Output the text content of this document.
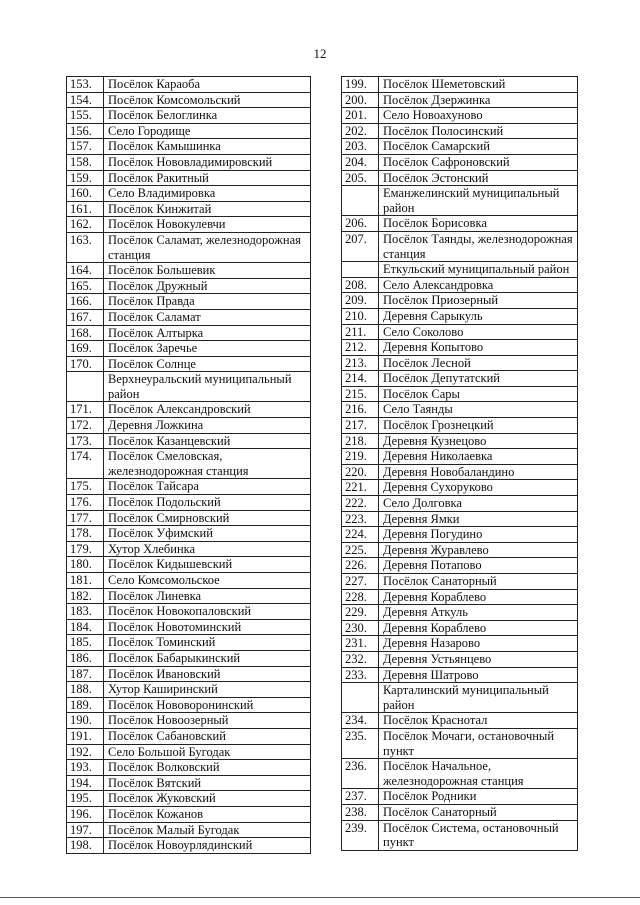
12
153.	Посёлок Караоба
154.	Посёлок Комсомольский
155.	Посёлок Белоглинка
156.	Село Городище
157.	Посёлок Камышинка
158.	Посёлок Нововладимировский
159.	Посёлок Ракитный
160.	Село Владимировка
161.	Посёлок Кинжитай
162.	Посёлок Новокулевчи
163.	Посёлок Саламат, железнодорожная станция
164.	Посёлок Большевик
165.	Посёлок Дружный
166.	Посёлок Правда
167.	Посёлок Саламат
168.	Посёлок Алтырка
169.	Посёлок Заречье
170.	Посёлок Солнце
	Верхнеуральский муниципальный район
171.	Посёлок Александровский
172.	Деревня Ложкина
173.	Посёлок Казанцевский
174.	Посёлок Смеловская, железнодорожная станция
175.	Посёлок Тайсара
176.	Посёлок Подольский
177.	Посёлок Смирновский
178.	Посёлок Уфимский
179.	Хутор Хлебинка
180.	Посёлок Кидышевский
181.	Село Комсомольское
182.	Посёлок Линевка
183.	Посёлок Новокопаловский
184.	Посёлок Новотоминский
185.	Посёлок Томинский
186.	Посёлок Бабарыкинский
187.	Посёлок Ивановский
188.	Хутор Каширинский
189.	Посёлок Нововоронинский
190.	Посёлок Новоозерный
191.	Посёлок Сабановский
192.	Село Большой Бугодак
193.	Посёлок Волковский
194.	Посёлок Вятский
195.	Посёлок Жуковский
196.	Посёлок Кожанов
197.	Посёлок Малый Бугодак
198.	Посёлок Новоурлядинский
199.	Посёлок Шеметовский
200.	Посёлок Дзержинка
201.	Село Новоахуново
202.	Посёлок Полосинский
203.	Посёлок Самарский
204.	Посёлок Сафроновский
205.	Посёлок Эстонский
	Еманжелинский муниципальный район
206.	Посёлок Борисовка
207.	Посёлок Таянды, железнодорожная станция
	Еткульский муниципальный район
208.	Село Александровка
209.	Посёлок Приозерный
210.	Деревня Сарыкуль
211.	Село Соколово
212.	Деревня Копытово
213.	Посёлок Лесной
214.	Посёлок Депутатский
215.	Посёлок Сары
216.	Село Таянды
217.	Посёлок Грознецкий
218.	Деревня Кузнецово
219.	Деревня Николаевка
220.	Деревня Новобаландино
221.	Деревня Сухоруково
222.	Село Долговка
223.	Деревня Ямки
224.	Деревня Погудино
225.	Деревня Журавлево
226.	Деревня Потапово
227.	Посёлок Санаторный
228.	Деревня Кораблево
229.	Деревня Аткуль
230.	Деревня Кораблево
231.	Деревня Назарово
232.	Деревня Устьянцево
233.	Деревня Шатрово
	Карталинский муниципальный район
234.	Посёлок Краснотал
235.	Посёлок Мочаги, остановочный пункт
236.	Посёлок Начальное, железнодорожная станция
237.	Посёлок Родники
238.	Посёлок Санаторный
239.	Посёлок Система, остановочный пункт
